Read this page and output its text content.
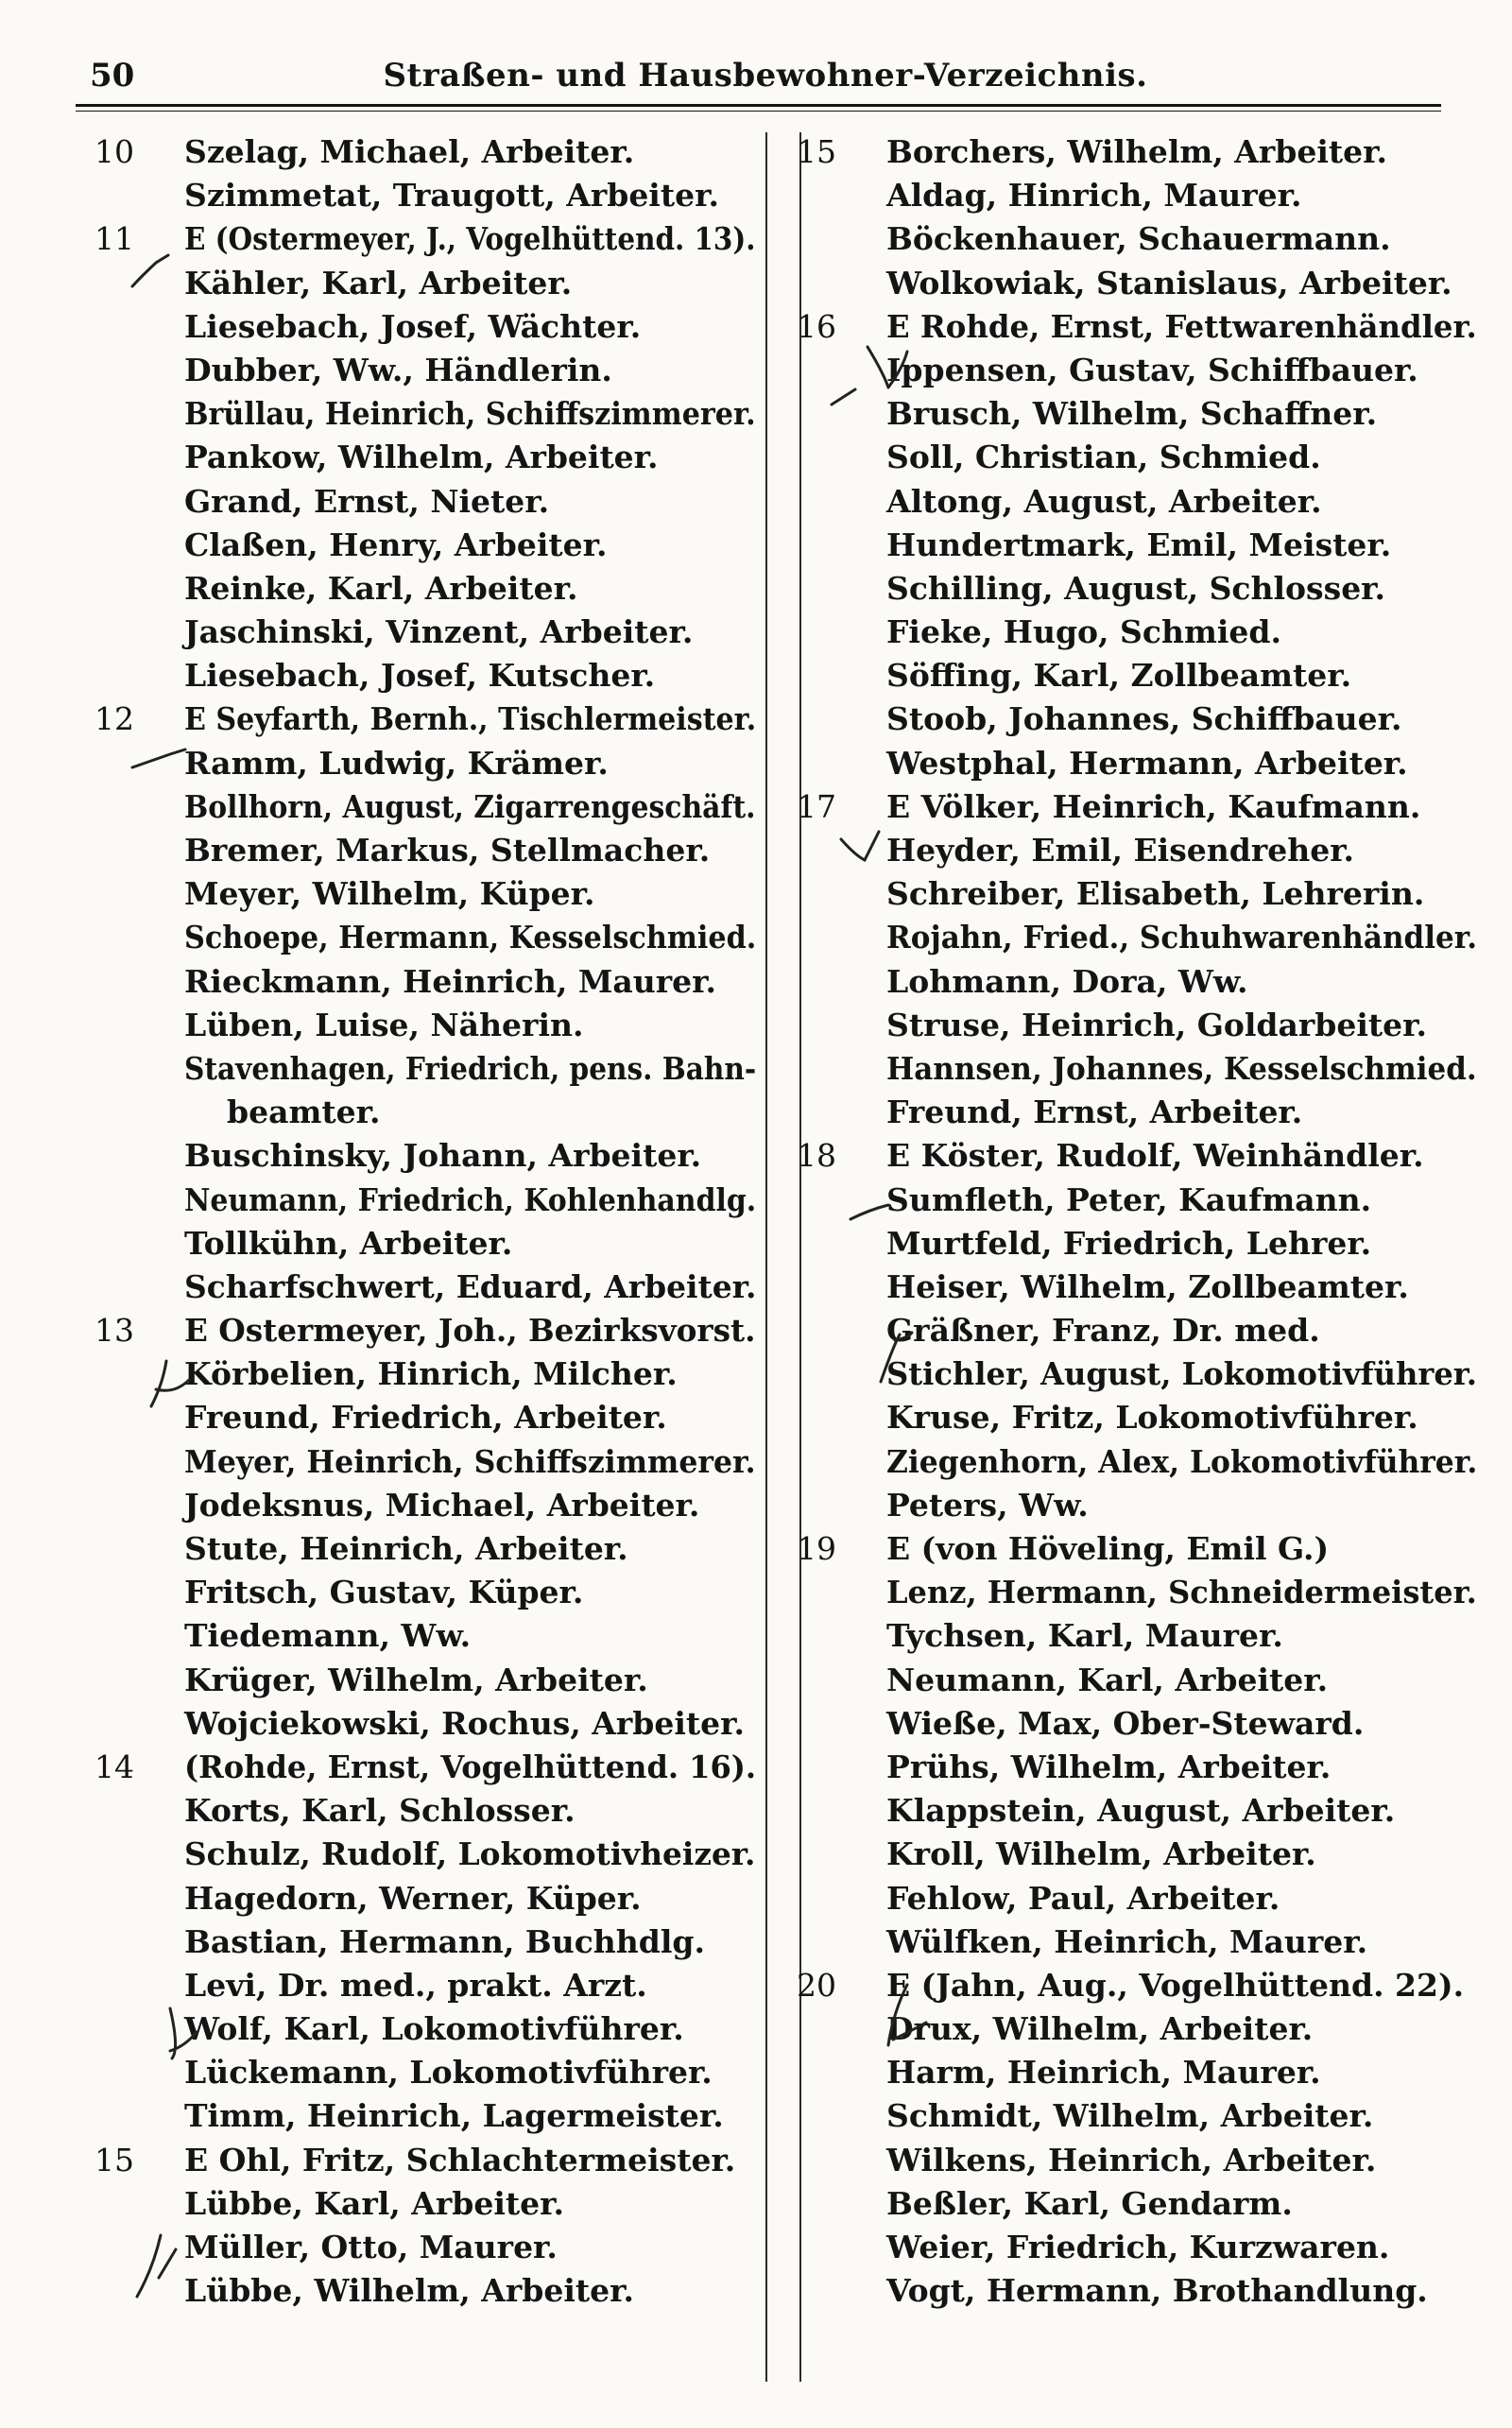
50	Straßen- und Hausbewohner-Verzeichnis.
10	Szelag, Michael, Arbeiter.
Szimmetat, Traugott, Arbeiter.
11	E (Ostermeyer, J., Vogelhüttend. 13).
Kähler, Karl, Arbeiter.
Liesebach, Josef, Wächter.
Dubber, Ww., Händlerin.
Brüllau, Heinrich, Schiffszimmerer.
Pankow, Wilhelm, Arbeiter.
Grand, Ernst, Nieter.
Claßen, Henry, Arbeiter.
Reinke, Karl, Arbeiter.
Jaschinski, Vinzent, Arbeiter.
Liesebach, Josef, Kutscher.
12	E Seyfarth, Bernh., Tischlermeister.
Ramm, Ludwig, Krämer.
Bollhorn, August, Zigarrengeschäft.
Bremer, Markus, Stellmacher.
Meyer, Wilhelm, Küper.
Schoepe, Hermann, Kesselschmied.
Rieckmann, Heinrich, Maurer.
Lüben, Luise, Näherin.
Stavenhagen, Friedrich, pens. Bahn-
beamter.
Buschinsky, Johann, Arbeiter.
Neumann, Friedrich, Kohlenhandlg.
Tollkühn, Arbeiter.
Scharfschwert, Eduard, Arbeiter.
13	E Ostermeyer, Joh., Bezirksvorst.
Körbelien, Hinrich, Milcher.
Freund, Friedrich, Arbeiter.
Meyer, Heinrich, Schiffszimmerer.
Jodeksnus, Michael, Arbeiter.
Stute, Heinrich, Arbeiter.
Fritsch, Gustav, Küper.
Tiedemann, Ww.
Krüger, Wilhelm, Arbeiter.
Wojciekowski, Rochus, Arbeiter.
14	(Rohde, Ernst, Vogelhüttend. 16).
Korts, Karl, Schlosser.
Schulz, Rudolf, Lokomotivheizer.
Hagedorn, Werner, Küper.
Bastian, Hermann, Buchhdlg.
Levi, Dr. med., prakt. Arzt.
Wolf, Karl, Lokomotivführer.
Lückemann, Lokomotivführer.
Timm, Heinrich, Lagermeister.
15	E Ohl, Fritz, Schlachtermeister.
Lübbe, Karl, Arbeiter.
Müller, Otto, Maurer.
Lübbe, Wilhelm, Arbeiter.
15	Borchers, Wilhelm, Arbeiter.
Aldag, Hinrich, Maurer.
Böckenhauer, Schauermann.
Wolkowiak, Stanislaus, Arbeiter.
16	E Rohde, Ernst, Fettwarenhändler.
Ippensen, Gustav, Schiffbauer.
Brusch, Wilhelm, Schaffner.
Soll, Christian, Schmied.
Altong, August, Arbeiter.
Hundertmark, Emil, Meister.
Schilling, August, Schlosser.
Fieke, Hugo, Schmied.
Söffing, Karl, Zollbeamter.
Stoob, Johannes, Schiffbauer.
Westphal, Hermann, Arbeiter.
17	E Völker, Heinrich, Kaufmann.
Heyder, Emil, Eisendreher.
Schreiber, Elisabeth, Lehrerin.
Rojahn, Fried., Schuhwarenhändler.
Lohmann, Dora, Ww.
Struse, Heinrich, Goldarbeiter.
Hannsen, Johannes, Kesselschmied.
Freund, Ernst, Arbeiter.
18	E Köster, Rudolf, Weinhändler.
Sumfleth, Peter, Kaufmann.
Murtfeld, Friedrich, Lehrer.
Heiser, Wilhelm, Zollbeamter.
Gräßner, Franz, Dr. med.
Stichler, August, Lokomotivführer.
Kruse, Fritz, Lokomotivführer.
Ziegenhorn, Alex, Lokomotivführer.
Peters, Ww.
19	E (von Höveling, Emil G.)
Lenz, Hermann, Schneidermeister.
Tychsen, Karl, Maurer.
Neumann, Karl, Arbeiter.
Wieße, Max, Ober-Steward.
Prühs, Wilhelm, Arbeiter.
Klappstein, August, Arbeiter.
Kroll, Wilhelm, Arbeiter.
Fehlow, Paul, Arbeiter.
Wülfken, Heinrich, Maurer.
20	E (Jahn, Aug., Vogelhüttend. 22).
Drux, Wilhelm, Arbeiter.
Harm, Heinrich, Maurer.
Schmidt, Wilhelm, Arbeiter.
Wilkens, Heinrich, Arbeiter.
Beßler, Karl, Gendarm.
Weier, Friedrich, Kurzwaren.
Vogt, Hermann, Brothandlung.
